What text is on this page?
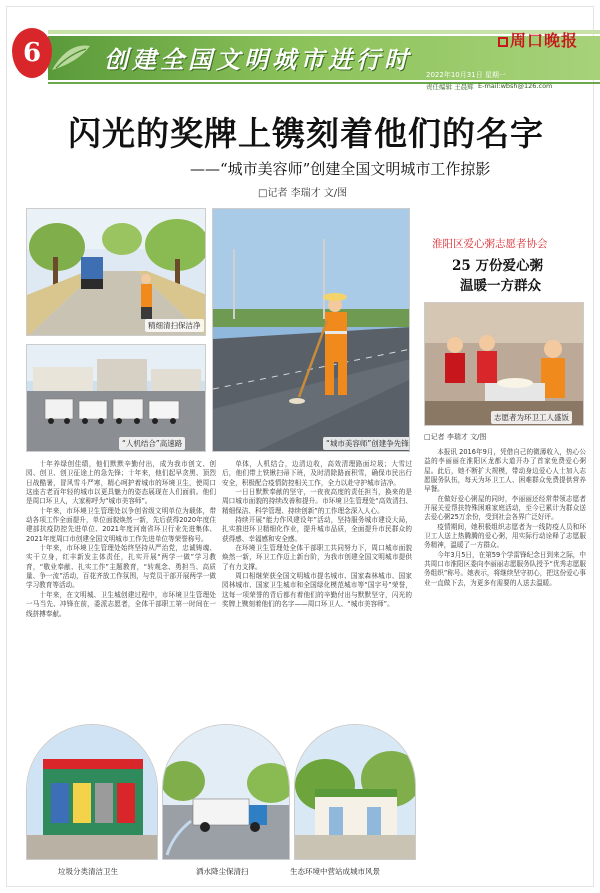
6	创建全国文明城市进行时
周口晚报
2022年10月31日 星期一
责任编辑 王晨辉 E-mail:wbsh@126.com
闪光的奖牌上镌刻着他们的名字
——“城市美容师”创建全国文明城市工作掠影
□记者 李瑞才 文/图
精细清扫保洁净
“人机结合”高速路	“城市美容师”创建争先锋
淮阳区爱心粥志愿者协会
25 万份爱心粥
温暖一方群众
志愿者为环卫工人盛饭
□记者 李瑞才 文/图

十年养绿创佳绩，他们默默辛勤付出，成为我市创文、创园、创卫、创卫征途上的急先锋；十年来，他们起早贪黑、顶烈日战酷暑，冒风雪斗严寒，精心呵护着城市的环境卫生，使周口这座古老而年轻的城市以更具魅力的姿态展现在人们面前。他们是周口环卫人，大家称呼为“城市美容师”。

十年来，市环境卫生管理处以争创省级文明单位为载体，带动各项工作全面提升，单位面貌焕然一新，先后获得2020年度住建部抗疫防控先进单位、2021年度河南省环卫行业先进集体、2021年度周口市创建全国文明城市工作先进单位等荣誉称号。

十年来，市环境卫生管理处始终坚持从严治党，忠诚铸魂、实干立身，红丰新发主体责任，扎实开展“两学一做”学习教育，“敬业奉献、扎实工作”主题教育，“转观念、勇担当、高质量、争一流”活动，百花齐放工作氛围，与党员干部开展两学一做学习教育等活动。

十年来，在文明城、卫生城创建过程中，市环境卫生管理处一马当先、冲锋在前，委派志愿者，全体干部职工第一时间在一线拼搏奉献。

单体，人机结合，边清边收，高效清理路面垃圾；大雪过后，他们带上铁锹扫帚下班，及时清除路面积雪，确保市民出行安全，积极配合疫情防控相关工作，全力以赴守护城市洁净。

一日日默默奉献的坚守，一夜夜高度的责任担当，换来的是周口城市面貌的持续改善和提升。市环境卫生管理处“高效清扫、精细保洁、科学管理、持续创新”的工作理念深入人心。

持续开展“能力作风建设年”活动，坚持服务城市建设大局，扎实推进环卫精细化作业，提升城市品质，全面提升市民群众的获得感、幸福感和安全感。

在环境卫生管理处全体干部职工共同努力下，周口城市面貌焕然一新，环卫工作迈上新台阶，为我市创建全国文明城市提供了有力支撑。

周口相继荣获全国文明城市提名城市、国家森林城市、国家园林城市、国家卫生城市和全国绿化模范城市等“国字号”荣誉，这每一项荣誉的背后都有着他们的辛勤付出与默默坚守，闪光的奖牌上镌刻着他们的名字——周口环卫人、“城市美容师”。

本报讯 2016年9月，凭借自己的微薄收入，热心公益的李丽丽在淮阳区龙都大道开办了首家免费爱心粥屋。此后，她不断扩大规模，带动身边爱心人士加入志愿服务队伍，每天为环卫工人、困难群众免费提供营养早餐。

在做好爱心粥屋的同时，李丽丽还经常带领志愿者开展关爱帮扶特殊困难家庭活动，至今已累计为群众送去爱心粥25万余份，受到社会各界广泛好评。

疫情期间，她积极组织志愿者为一线防疫人员和环卫工人送上热腾腾的爱心粥，用实际行动诠释了志愿服务精神，温暖了一方群众。

今年3月5日，在第59个学雷锋纪念日到来之际，中共周口市淮阳区委向李丽丽志愿服务队授予“优秀志愿服务组织”称号。她表示，将继续坚守初心，把这份爱心事业一直做下去，为更多有需要的人送去温暖。

垃圾分类清洁卫生	洒水降尘保清扫	生态环境中营站成城市风景
